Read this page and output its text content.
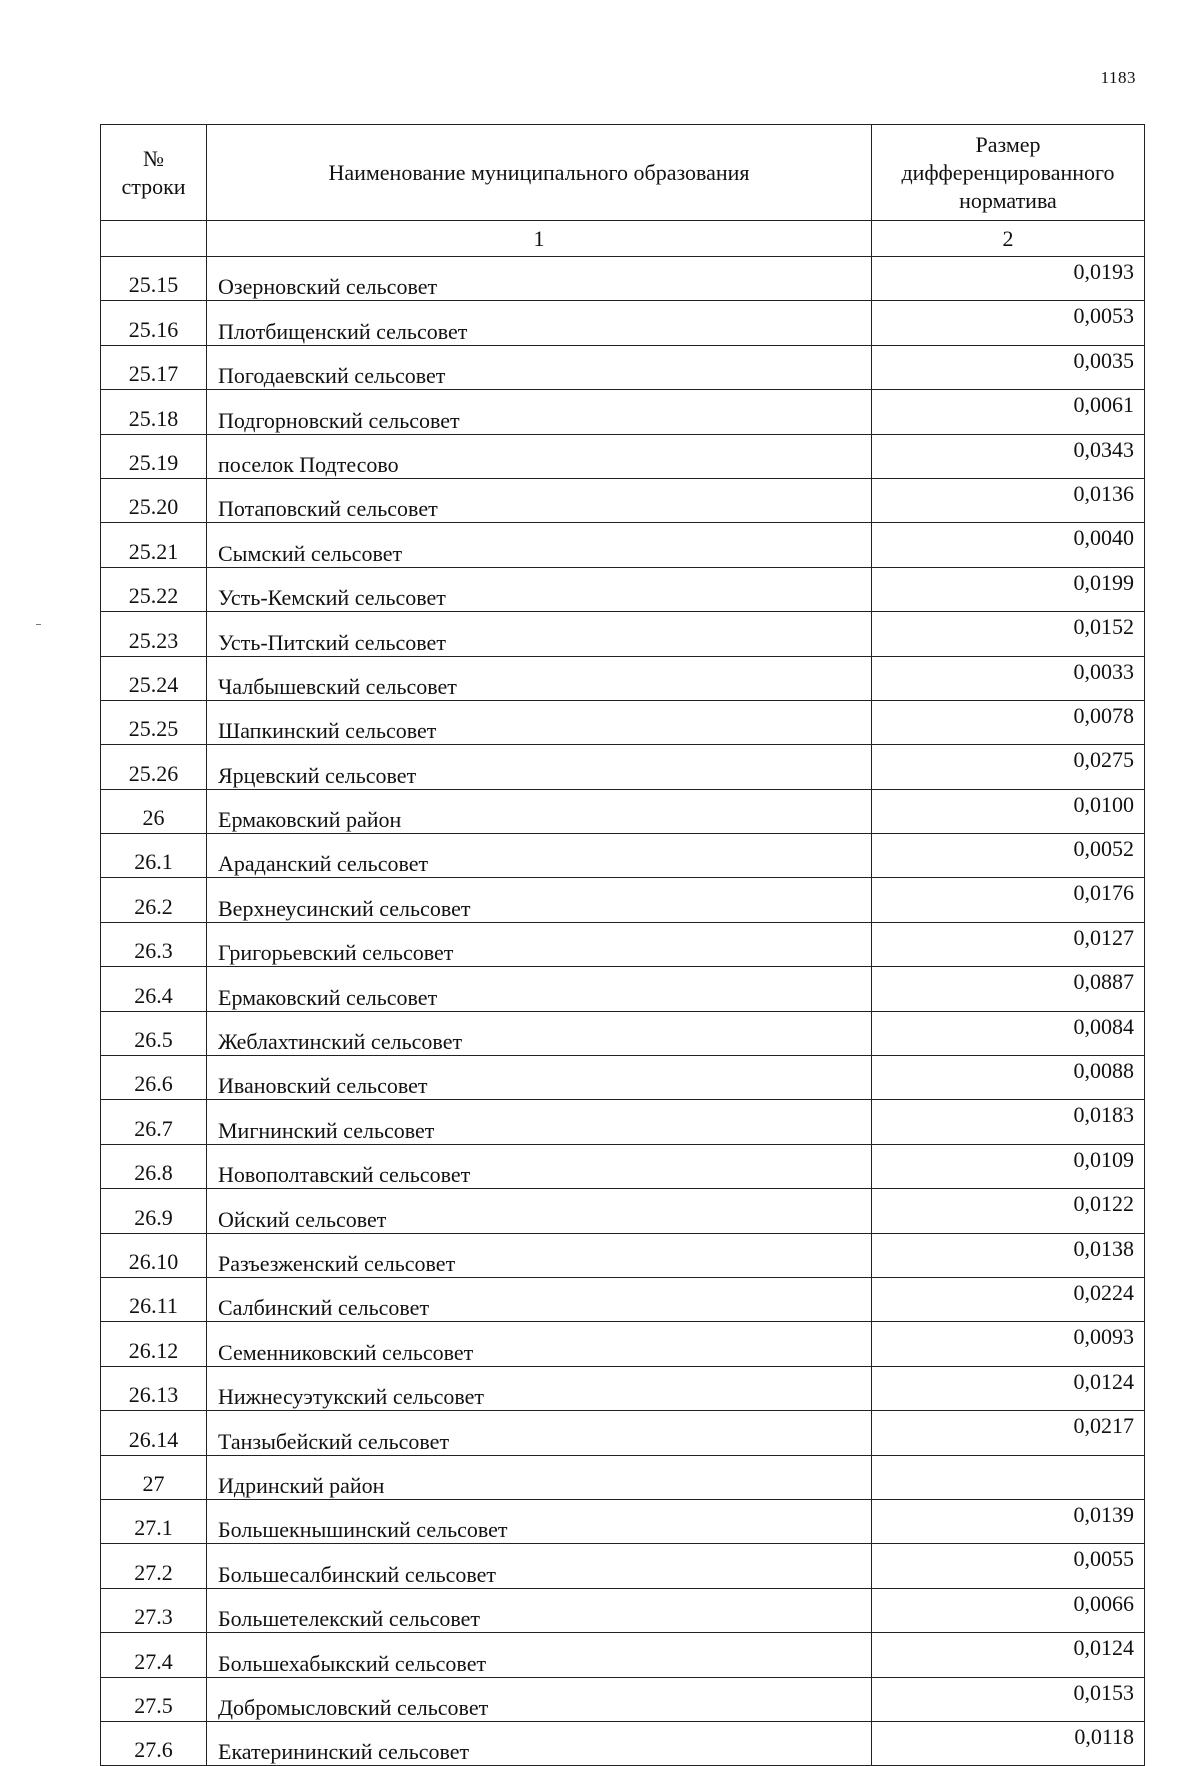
1183
№
строки	Наименование муниципального образования	Размер дифференцированного норматива
	1	2
25.15	Озерновский сельсовет	0,0193
25.16	Плотбищенский сельсовет	0,0053
25.17	Погодаевский сельсовет	0,0035
25.18	Подгорновский сельсовет	0,0061
25.19	поселок Подтесово	0,0343
25.20	Потаповский сельсовет	0,0136
25.21	Сымский сельсовет	0,0040
25.22	Усть-Кемский сельсовет	0,0199
25.23	Усть-Питский сельсовет	0,0152
25.24	Чалбышевский сельсовет	0,0033
25.25	Шапкинский сельсовет	0,0078
25.26	Ярцевский сельсовет	0,0275
26	Ермаковский район	0,0100
26.1	Араданский сельсовет	0,0052
26.2	Верхнеусинский сельсовет	0,0176
26.3	Григорьевский сельсовет	0,0127
26.4	Ермаковский сельсовет	0,0887
26.5	Жеблахтинский сельсовет	0,0084
26.6	Ивановский сельсовет	0,0088
26.7	Мигнинский сельсовет	0,0183
26.8	Новополтавский сельсовет	0,0109
26.9	Ойский сельсовет	0,0122
26.10	Разъезженский сельсовет	0,0138
26.11	Салбинский сельсовет	0,0224
26.12	Семенниковский сельсовет	0,0093
26.13	Нижнесуэтукский сельсовет	0,0124
26.14	Танзыбейский сельсовет	0,0217
27	Идринский район	
27.1	Большекнышинский сельсовет	0,0139
27.2	Большесалбинский сельсовет	0,0055
27.3	Большетелекский сельсовет	0,0066
27.4	Большехабыкский сельсовет	0,0124
27.5	Добромысловский сельсовет	0,0153
27.6	Екатерининский сельсовет	0,0118
